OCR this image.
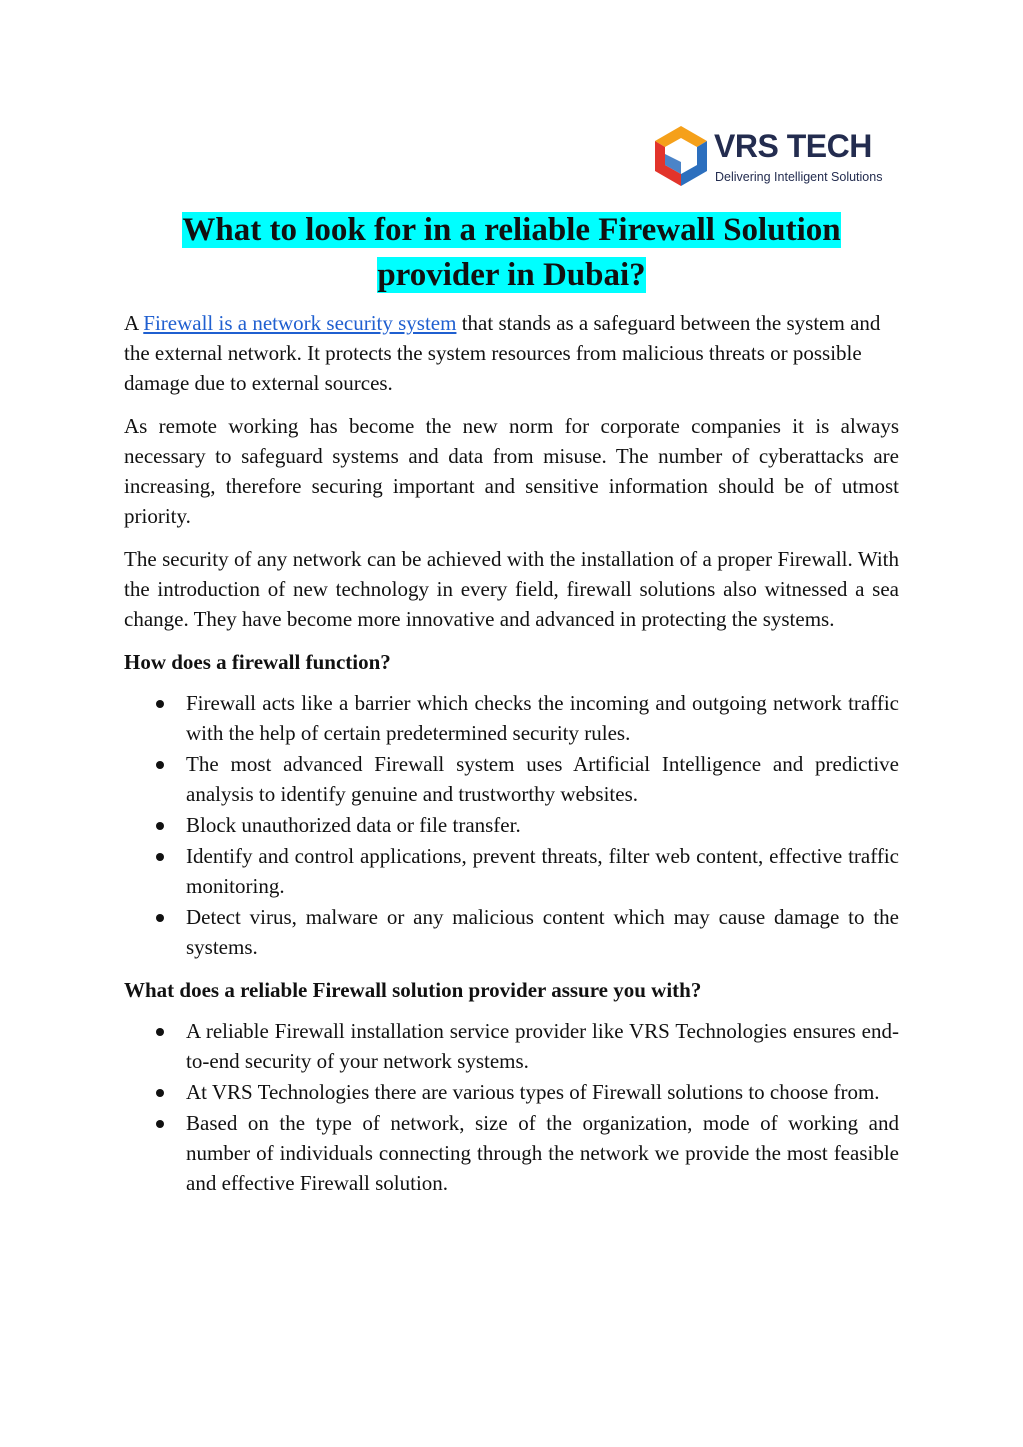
VRS TECH
Delivering Intelligent Solutions
What to look for in a reliable Firewall Solution
provider in Dubai?

A Firewall is a network security system that stands as a safeguard between the system and the external network. It protects the system resources from malicious threats or possible damage due to external sources.

As remote working has become the new norm for corporate companies it is always necessary to safeguard systems and data from misuse. The number of cyberattacks are increasing, therefore securing important and sensitive information should be of utmost priority.

The security of any network can be achieved with the installation of a proper Firewall. With the introduction of new technology in every field, firewall solutions also witnessed a sea change. They have become more innovative and advanced in protecting the systems.

How does a firewall function?
Firewall acts like a barrier which checks the incoming and outgoing network traffic with the help of certain predetermined security rules.
The most advanced Firewall system uses Artificial Intelligence and predictive analysis to identify genuine and trustworthy websites.
Block unauthorized data or file transfer.
Identify and control applications, prevent threats, filter web content, effective traffic monitoring.
Detect virus, malware or any malicious content which may cause damage to the systems.
What does a reliable Firewall solution provider assure you with?
A reliable Firewall installation service provider like VRS Technologies ensures end-to-end security of your network systems.
At VRS Technologies there are various types of Firewall solutions to choose from.
Based on the type of network, size of the organization, mode of working and number of individuals connecting through the network we provide the most feasible and effective Firewall solution.
